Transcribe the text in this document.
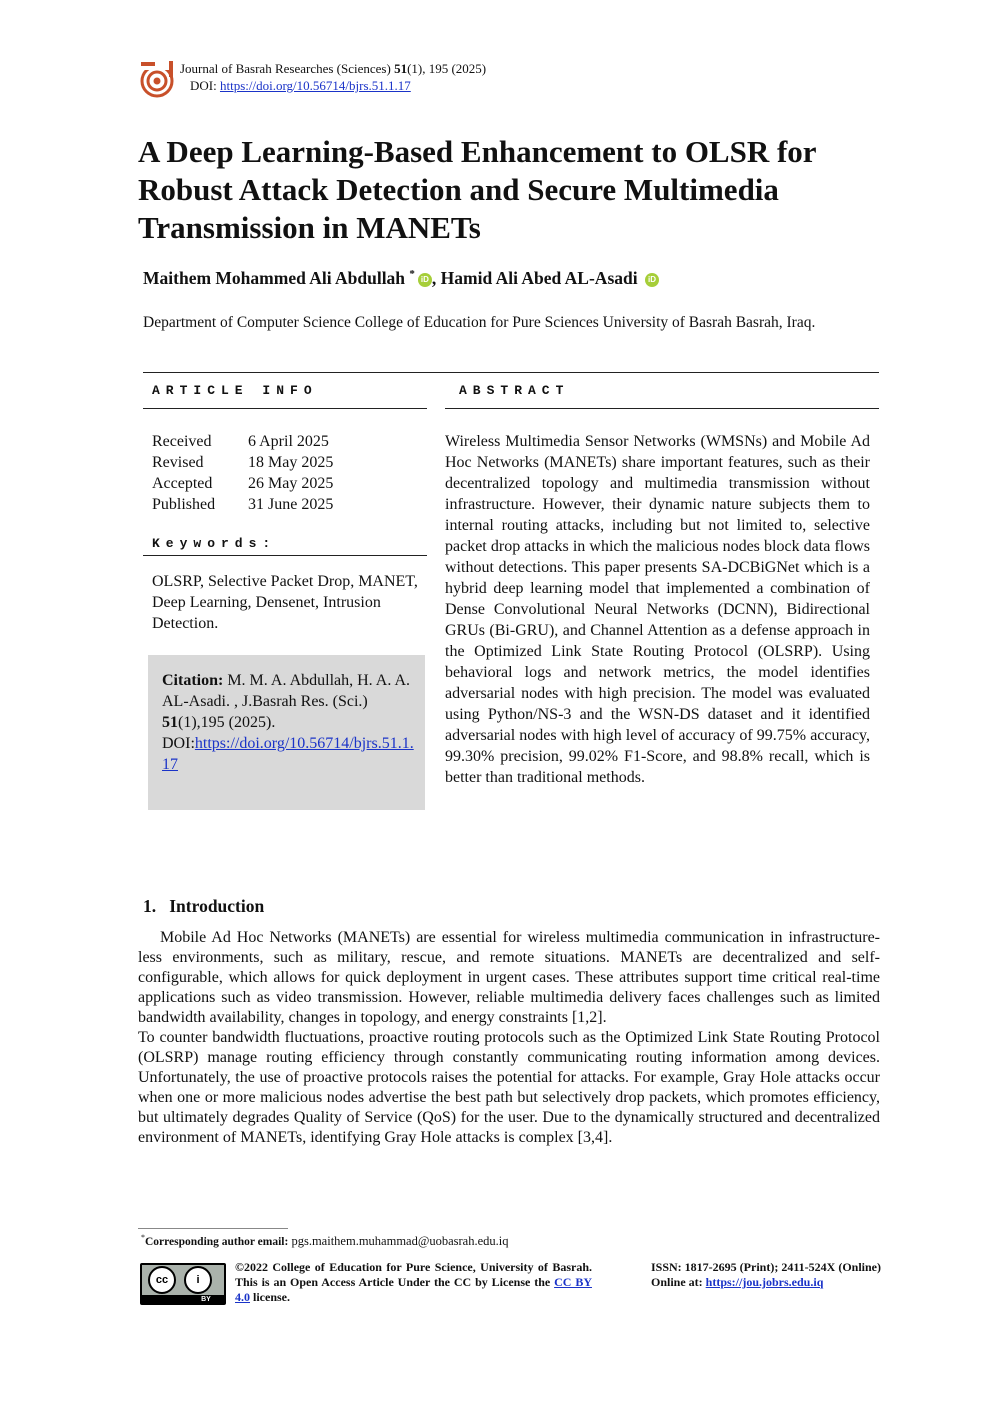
Journal of Basrah Researches (Sciences) 51(1), 195 (2025)
DOI: https://doi.org/10.56714/bjrs.51.1.17
A Deep Learning-Based Enhancement to OLSR for Robust Attack Detection and Secure Multimedia Transmission in MANETs
Maithem Mohammed Ali Abdullah * iD , Hamid Ali Abed AL-Asadi iD
Department of Computer Science College of Education for Pure Sciences University of Basrah Basrah, Iraq.
ARTICLE INFO	ABSTRACT
Received	6 April 2025
Revised	18 May 2025
Accepted	26 May 2025
Published	31 June 2025
Keywords:
OLSRP, Selective Packet Drop, MANET, Deep Learning, Densenet, Intrusion Detection.
Citation: M. M. A. Abdullah, H. A. A. AL-Asadi. , J.Basrah Res. (Sci.) 51(1),195 (2025).
DOI:https://doi.org/10.56714/bjrs.51.1.17
Wireless Multimedia Sensor Networks (WMSNs) and Mobile Ad Hoc Networks (MANETs) share important features, such as their decentralized topology and multimedia transmission without infrastructure. However, their dynamic nature subjects them to internal routing attacks, including but not limited to, selective packet drop attacks in which the malicious nodes block data flows without detections. This paper presents SA-DCBiGNet which is a hybrid deep learning model that implemented a combination of Dense Convolutional Neural Networks (DCNN), Bidirectional GRUs (Bi-GRU), and Channel Attention as a defense approach in the Optimized Link State Routing Protocol (OLSRP). Using behavioral logs and network metrics, the model identifies adversarial nodes with high precision. The model was evaluated using Python/NS-3 and the WSN-DS dataset and it identified adversarial nodes with high level of accuracy of 99.75% accuracy, 99.30% precision, 99.02% F1-Score, and 98.8% recall, which is better than traditional methods.
1. Introduction

Mobile Ad Hoc Networks (MANETs) are essential for wireless multimedia communication in infrastructure-less environments, such as military, rescue, and remote situations. MANETs are decentralized and self-configurable, which allows for quick deployment in urgent cases. These attributes support time critical real-time applications such as video transmission. However, reliable multimedia delivery faces challenges such as limited bandwidth availability, changes in topology, and energy constraints [1,2].

To counter bandwidth fluctuations, proactive routing protocols such as the Optimized Link State Routing Protocol (OLSRP) manage routing efficiency through constantly communicating routing information among devices. Unfortunately, the use of proactive protocols raises the potential for attacks. For example, Gray Hole attacks occur when one or more malicious nodes advertise the best path but selectively drop packets, which promotes efficiency, but ultimately degrades Quality of Service (QoS) for the user. Due to the dynamically structured and decentralized environment of MANETs, identifying Gray Hole attacks is complex [3,4].

*Corresponding author email: pgs.maithem.muhammad@uobasrah.edu.iq
cc	i
BY
©2022 College of Education for Pure Science, University of Basrah. This is an Open Access Article Under the CC by License the CC BY 4.0 license.
ISSN: 1817-2695 (Print); 2411-524X (Online)
Online at: https://jou.jobrs.edu.iq
